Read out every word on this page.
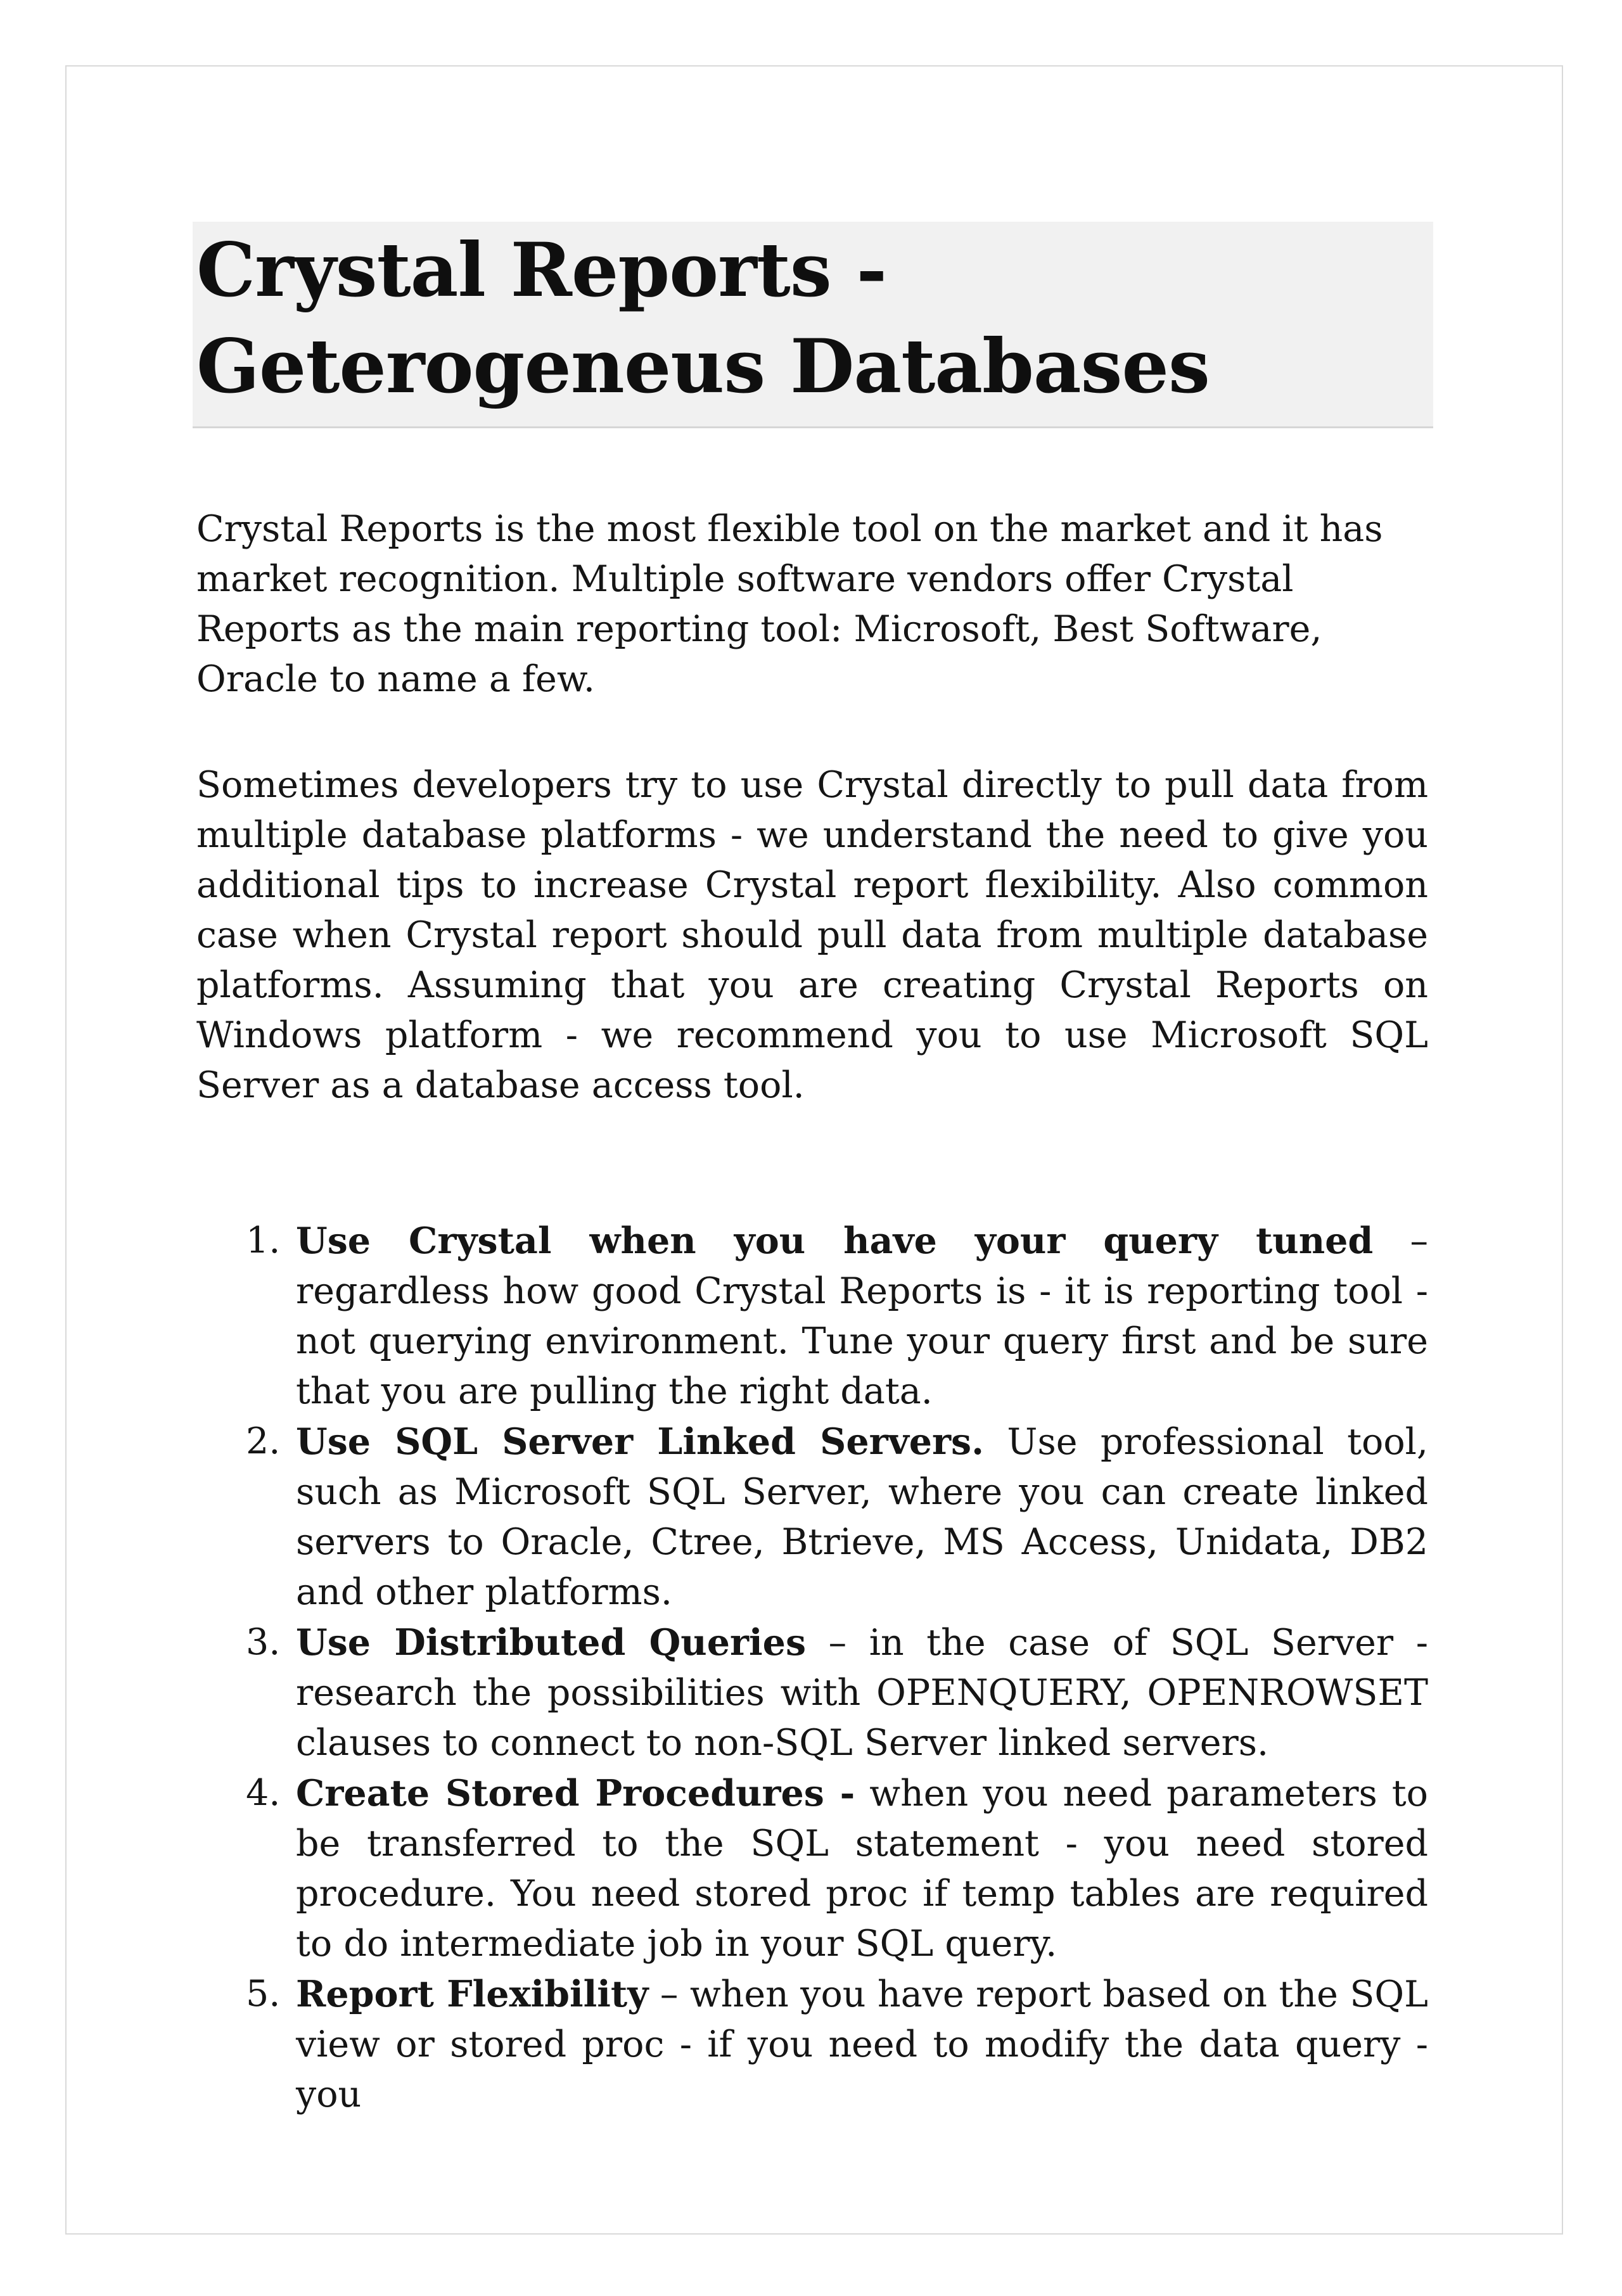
Crystal Reports - Geterogeneus Databases

Crystal Reports is the most flexible tool on the market and it has market recognition. Multiple software vendors offer Crystal Reports as the main reporting tool: Microsoft, Best Software, Oracle to name a few.

Sometimes developers try to use Crystal directly to pull data from multiple database platforms - we understand the need to give you additional tips to increase Crystal report flexibility. Also common case when Crystal report should pull data from multiple database platforms. Assuming that you are creating Crystal Reports on Windows platform - we recommend you to use Microsoft SQL Server as a database access tool.

1. Use Crystal when you have your query tuned – regardless how good Crystal Reports is - it is reporting tool - not querying environment. Tune your query first and be sure that you are pulling the right data.
2. Use SQL Server Linked Servers. Use professional tool, such as Microsoft SQL Server, where you can create linked servers to Oracle, Ctree, Btrieve, MS Access, Unidata, DB2 and other platforms.
3. Use Distributed Queries – in the case of SQL Server - research the possibilities with OPENQUERY, OPENROWSET clauses to connect to non-SQL Server linked servers.
4. Create Stored Procedures - when you need parameters to be transferred to the SQL statement - you need stored procedure. You need stored proc if temp tables are required to do intermediate job in your SQL query.
5. Report Flexibility – when you have report based on the SQL view or stored proc - if you need to modify the data query - you
